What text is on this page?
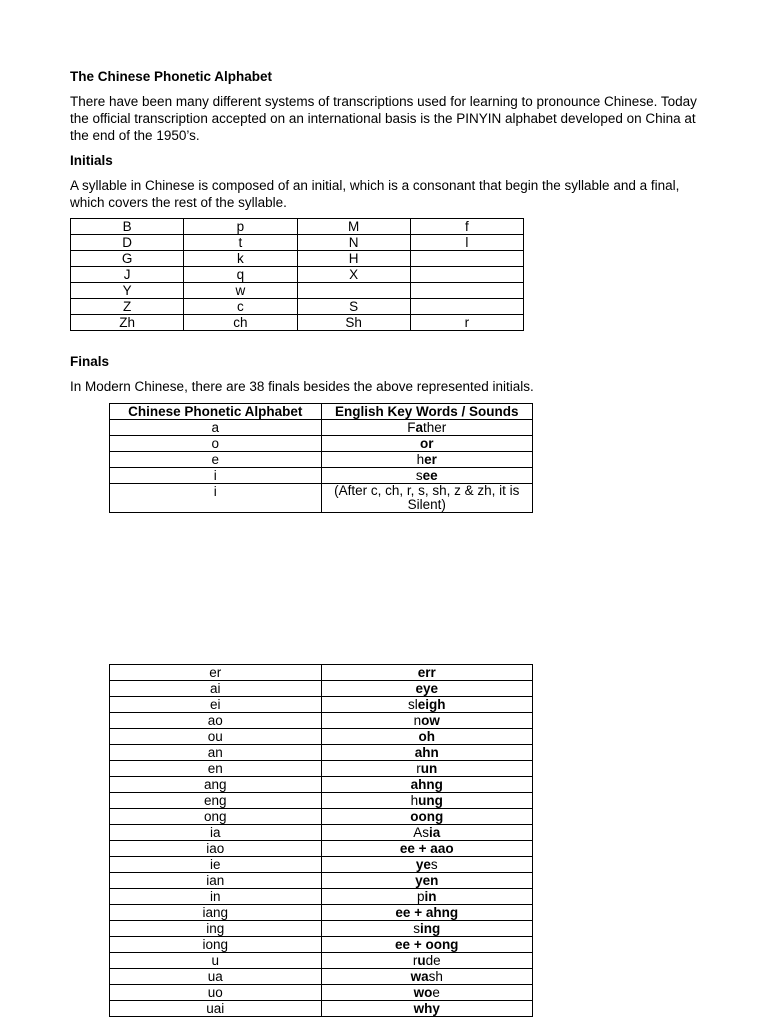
The Chinese Phonetic Alphabet

There have been many different systems of transcriptions used for learning to pronounce Chinese. Today the official transcription accepted on an international basis is the PINYIN alphabet developed on China at the end of the 1950’s.

Initials

A syllable in Chinese is composed of an initial, which is a consonant that begin the syllable and a final, which covers the rest of the syllable.

B	p	M	f
D	t	N	l
G	k	H	
J	q	X	
Y	w		
Z	c	S	
Zh	ch	Sh	r
Finals

In Modern Chinese, there are 38 finals besides the above represented initials.

Chinese Phonetic Alphabet	English Key Words / Sounds
a	Father
o	or
e	her
i	see
i	(After c, ch, r, s, sh, z & zh, it is Silent)
er	err
ai	eye
ei	sleigh
ao	now
ou	oh
an	ahn
en	run
ang	ahng
eng	hung
ong	oong
ia	Asia
iao	ee + aao
ie	yes
ian	yen
in	pin
iang	ee + ahng
ing	sing
iong	ee + oong
u	rude
ua	wash
uo	woe
uai	why
